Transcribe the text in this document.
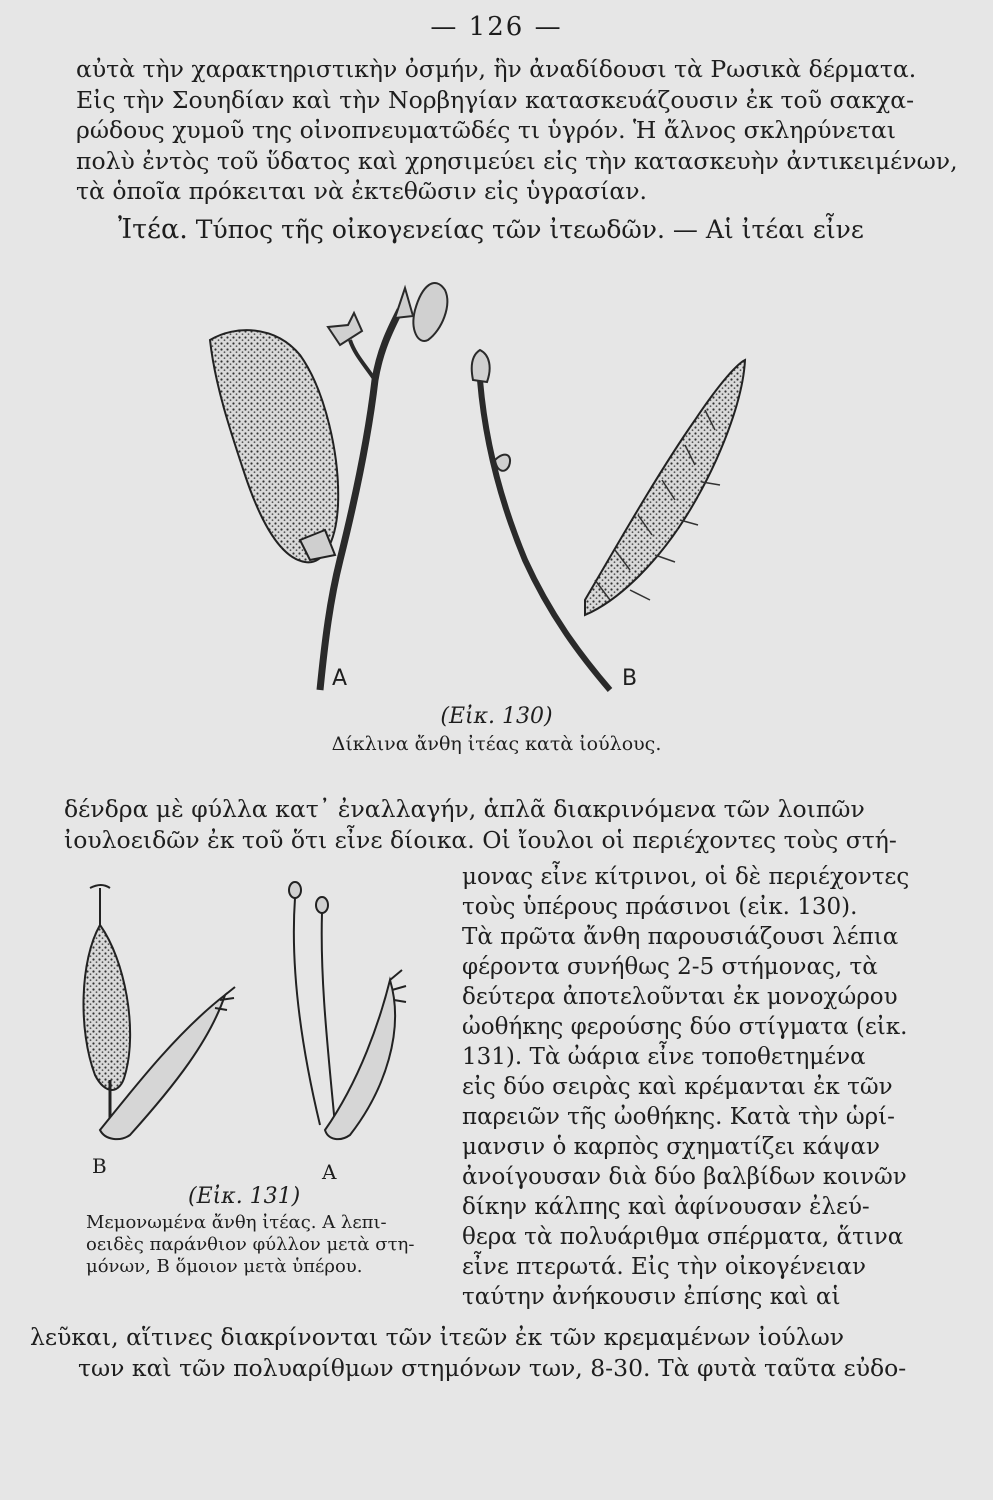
— 126 —
αὐτὰ τὴν χαρακτηριστικὴν ὀσμήν, ἣν ἀναδίδουσι τὰ Ρωσικὰ δέρματα.
Εἰς τὴν Σουηδίαν καὶ τὴν Νορβηγίαν κατασκευάζουσιν ἐκ τοῦ σακχα-
ρώδους χυμοῦ της οἰνοπνευματῶδές τι ὑγρόν. Ἡ ἄλνος σκληρύνεται
πολὺ ἐντὸς τοῦ ὕδατος καὶ χρησιμεύει εἰς τὴν κατασκευὴν ἀντικειμένων,
τὰ ὁποῖα πρόκειται νὰ ἐκτεθῶσιν εἰς ὑγρασίαν.
Ἰτέα. Τύπος τῆς οἰκογενείας τῶν ἰτεωδῶν. — Αἱ ἰτέαι εἶνε
A	B
(Εἰκ. 130)
Δίκλινα ἄνθη ἰτέας κατὰ ἰούλους.
δένδρα μὲ φύλλα κατ᾽ ἐναλλαγήν, ἁπλᾶ διακρινόμενα τῶν λοιπῶν
ἰουλοειδῶν ἐκ τοῦ ὅτι εἶνε δίοικα. Οἱ ἴουλοι οἱ περιέχοντες τοὺς στή-
B	A
(Εἰκ. 131)
Μεμονωμένα ἄνθη ἰτέας. Α λεπι-
οειδὲς παράνθιον φύλλον μετὰ στη-
μόνων, Β ὅμοιον μετὰ ὑπέρου.
μονας εἶνε κίτρινοι, οἱ δὲ περιέχοντες
τοὺς ὑπέρους πράσινοι (εἰκ. 130).
Τὰ πρῶτα ἄνθη παρουσιάζουσι λέπια
φέροντα συνήθως 2-5 στήμονας, τὰ
δεύτερα ἀποτελοῦνται ἐκ μονοχώρου
ὠοθήκης φερούσης δύο στίγματα (εἰκ.
131). Τὰ ὠάρια εἶνε τοποθετημένα
εἰς δύο σειρὰς καὶ κρέμανται ἐκ τῶν
παρειῶν τῆς ὠοθήκης. Κατὰ τὴν ὡρί-
μανσιν ὁ καρπὸς σχηματίζει κάψαν
ἀνοίγουσαν διὰ δύο βαλβίδων κοινῶν
δίκην κάλπης καὶ ἀφίνουσαν ἐλεύ-
θερα τὰ πολυάριθμα σπέρματα, ἅτινα
εἶνε πτερωτά. Εἰς τὴν οἰκογένειαν
ταύτην ἀνήκουσιν ἐπίσης καὶ αἱ
λεῦκαι, αἵτινες διακρίνονται τῶν ἰτεῶν ἐκ τῶν κρεμαμένων ἰούλων
των καὶ τῶν πολυαρίθμων στημόνων των, 8-30. Τὰ φυτὰ ταῦτα εὐδο-
